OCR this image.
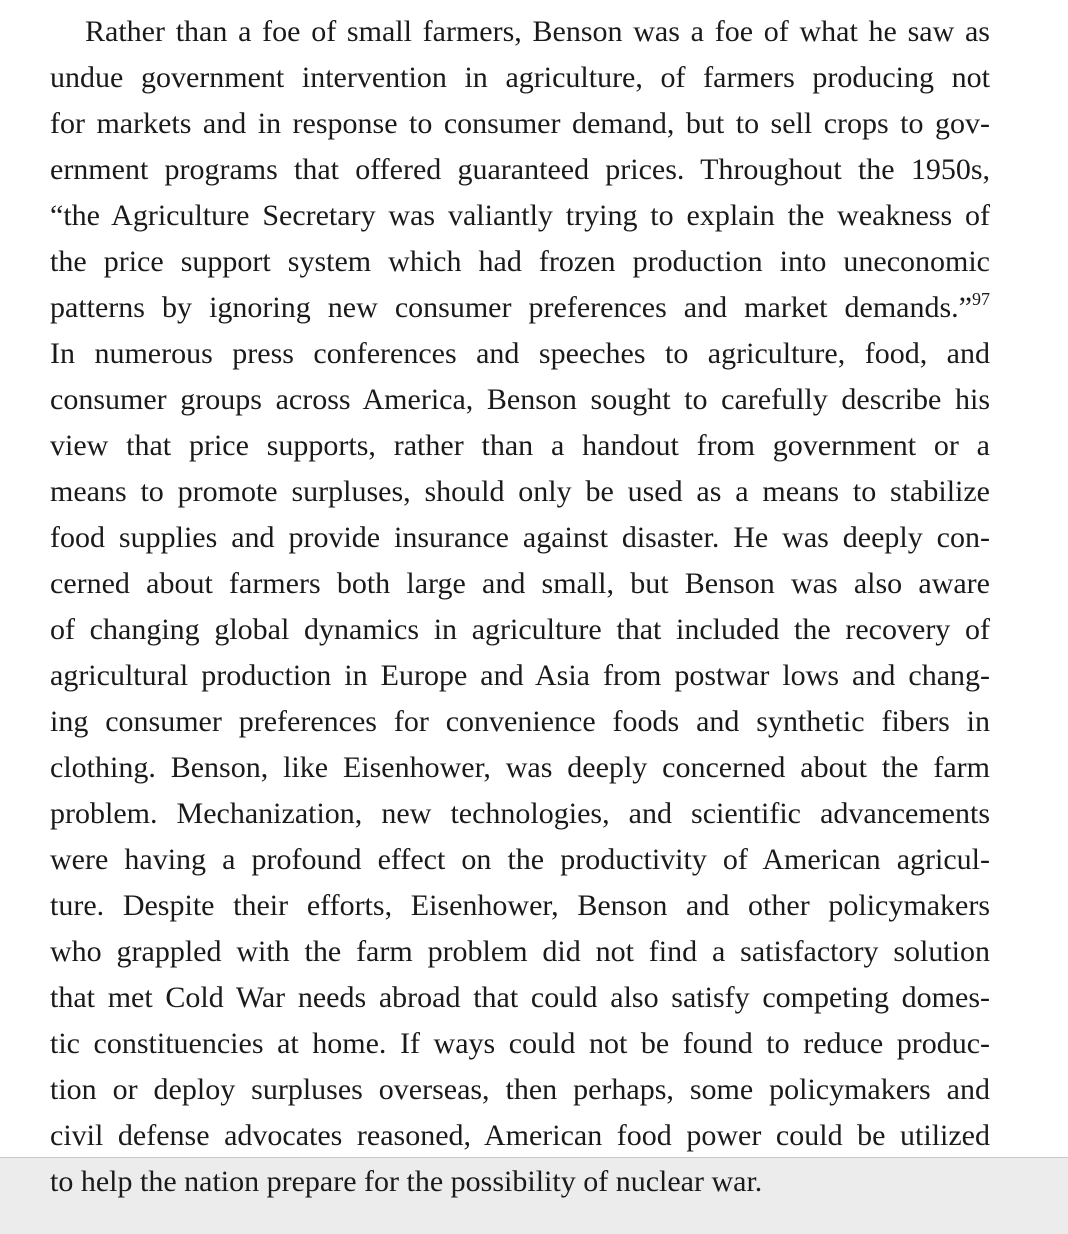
Rather than a foe of small farmers, Benson was a foe of what he saw as
undue government intervention in agriculture, of farmers producing not
for markets and in response to consumer demand, but to sell crops to gov-
ernment programs that offered guaranteed prices. Throughout the 1950s,
“the Agriculture Secretary was valiantly trying to explain the weakness of
the price support system which had frozen production into uneconomic
patterns by ignoring new consumer preferences and market demands.”$^{97}$
In numerous press conferences and speeches to agriculture, food, and
consumer groups across America, Benson sought to carefully describe his
view that price supports, rather than a handout from government or a
means to promote surpluses, should only be used as a means to stabilize
food supplies and provide insurance against disaster. He was deeply con-
cerned about farmers both large and small, but Benson was also aware
of changing global dynamics in agriculture that included the recovery of
agricultural production in Europe and Asia from postwar lows and chang-
ing consumer preferences for convenience foods and synthetic fibers in
clothing. Benson, like Eisenhower, was deeply concerned about the farm
problem. Mechanization, new technologies, and scientific advancements
were having a profound effect on the productivity of American agricul-
ture. Despite their efforts, Eisenhower, Benson and other policymakers
who grappled with the farm problem did not find a satisfactory solution
that met Cold War needs abroad that could also satisfy competing domes-
tic constituencies at home. If ways could not be found to reduce produc-
tion or deploy surpluses overseas, then perhaps, some policymakers and
civil defense advocates reasoned, American food power could be utilized
to help the nation prepare for the possibility of nuclear war.
